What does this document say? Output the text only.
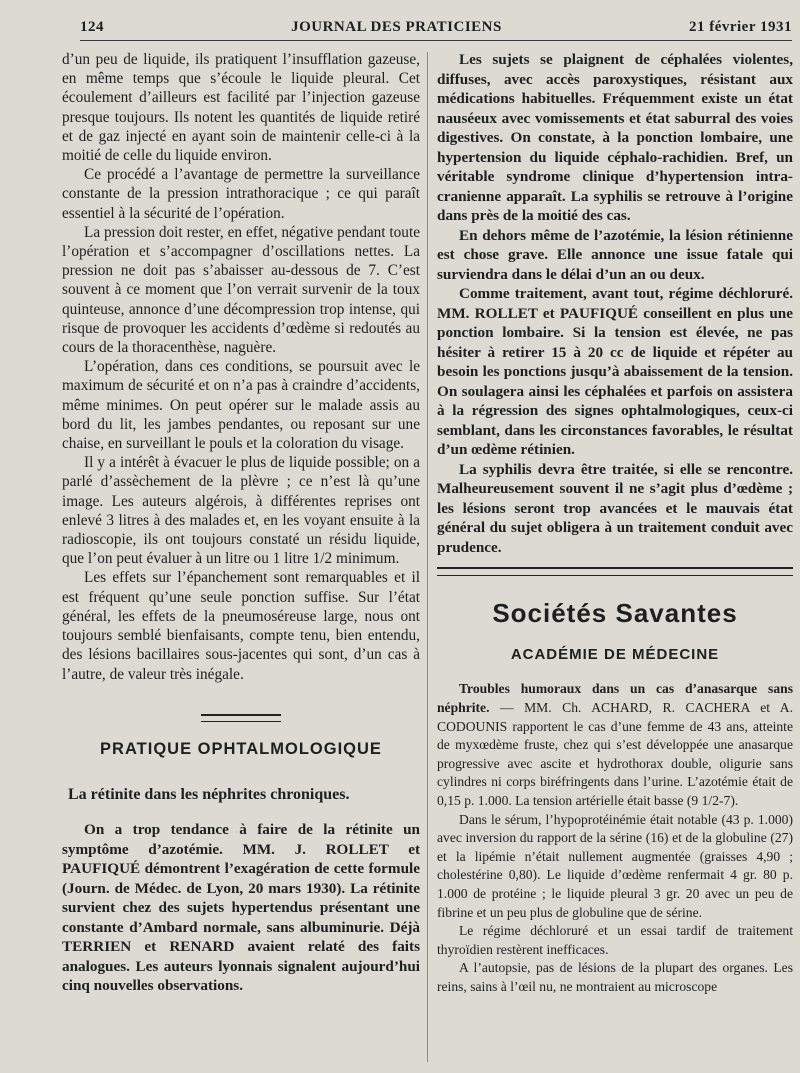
124	JOURNAL DES PRATICIENS	21 février 1931

d’un peu de liquide, ils pratiquent l’insufflation gazeuse, en même temps que s’écoule le liquide pleural. Cet écoulement d’ailleurs est facilité par l’injection gazeuse presque toujours. Ils notent les quantités de liquide retiré et de gaz injecté en ayant soin de maintenir celle-ci à la moitié de celle du liquide environ.

Ce procédé a l’avantage de permettre la surveillance constante de la pression intrathoracique ; ce qui paraît essentiel à la sécurité de l’opération.

La pression doit rester, en effet, négative pendant toute l’opération et s’accompagner d’oscillations nettes. La pression ne doit pas s’abaisser au-dessous de 7. C’est souvent à ce moment que l’on verrait survenir de la toux quinteuse, annonce d’une décompression trop intense, qui risque de provoquer les accidents d’œdème si redoutés au cours de la thoracenthèse, naguère.

L’opération, dans ces conditions, se poursuit avec le maximum de sécurité et on n’a pas à craindre d’accidents, même minimes. On peut opérer sur le malade assis au bord du lit, les jambes pendantes, ou reposant sur une chaise, en surveillant le pouls et la coloration du visage.

Il y a intérêt à évacuer le plus de liquide possible; on a parlé d’assèchement de la plèvre ; ce n’est là qu’une image. Les auteurs algérois, à différentes reprises ont enlevé 3 litres à des malades et, en les voyant ensuite à la radioscopie, ils ont toujours constaté un résidu liquide, que l’on peut évaluer à un litre ou 1 litre 1/2 minimum.

Les effets sur l’épanchement sont remarquables et il est fréquent qu’une seule ponction suffise. Sur l’état général, les effets de la pneumoséreuse large, nous ont toujours semblé bienfaisants, compte tenu, bien entendu, des lésions bacillaires sous-jacentes qui sont, d’un cas à l’autre, de valeur très inégale.

PRATIQUE OPHTALMOLOGIQUE
La rétinite dans les néphrites chroniques.

On a trop tendance à faire de la rétinite un symptôme d’azotémie. MM. J. ROLLET et PAUFIQUÉ démontrent l’exagération de cette formule (Journ. de Médec. de Lyon, 20 mars 1930). La rétinite survient chez des sujets hypertendus présentant une constante d’Ambard normale, sans albuminurie. Déjà TERRIEN et RENARD avaient relaté des faits analogues. Les auteurs lyonnais signalent aujourd’hui cinq nouvelles observations.

Les sujets se plaignent de céphalées violentes, diffuses, avec accès paroxystiques, résistant aux médications habituelles. Fréquemment existe un état nauséeux avec vomissements et état saburral des voies digestives. On constate, à la ponction lombaire, une hypertension du liquide céphalo-rachidien. Bref, un véritable syndrome clinique d’hypertension intra-cranienne apparaît. La syphilis se retrouve à l’origine dans près de la moitié des cas.

En dehors même de l’azotémie, la lésion rétinienne est chose grave. Elle annonce une issue fatale qui surviendra dans le délai d’un an ou deux.

Comme traitement, avant tout, régime déchloruré. MM. ROLLET et PAUFIQUÉ conseillent en plus une ponction lombaire. Si la tension est élevée, ne pas hésiter à retirer 15 à 20 cc de liquide et répéter au besoin les ponctions jusqu’à abaissement de la tension. On soulagera ainsi les céphalées et parfois on assistera à la régression des signes ophtalmologiques, ceux-ci semblant, dans les circonstances favorables, le résultat d’un œdème rétinien.

La syphilis devra être traitée, si elle se rencontre. Malheureusement souvent il ne s’agit plus d’œdème ; les lésions seront trop avancées et le mauvais état général du sujet obligera à un traitement conduit avec prudence.

Sociétés Savantes
ACADÉMIE DE MÉDECINE

Troubles humoraux dans un cas d’anasarque sans néphrite. — MM. Ch. ACHARD, R. CACHERA et A. CODOUNIS rapportent le cas d’une femme de 43 ans, atteinte de myxœdème fruste, chez qui s’est développée une anasarque progressive avec ascite et hydrothorax double, oligurie sans cylindres ni corps biréfringents dans l’urine. L’azotémie était de 0,15 p. 1.000. La tension artérielle était basse (9 1/2-7).

Dans le sérum, l’hypoprotéinémie était notable (43 p. 1.000) avec inversion du rapport de la sérine (16) et de la globuline (27) et la lipémie n’était nullement augmentée (graisses 4,90 ; cholestérine 0,80). Le liquide d’œdème renfermait 4 gr. 80 p. 1.000 de protéine ; le liquide pleural 3 gr. 20 avec un peu de fibrine et un peu plus de globuline que de sérine.

Le régime déchloruré et un essai tardif de traitement thyroïdien restèrent inefficaces.

A l’autopsie, pas de lésions de la plupart des organes. Les reins, sains à l’œil nu, ne montraient au microscope
